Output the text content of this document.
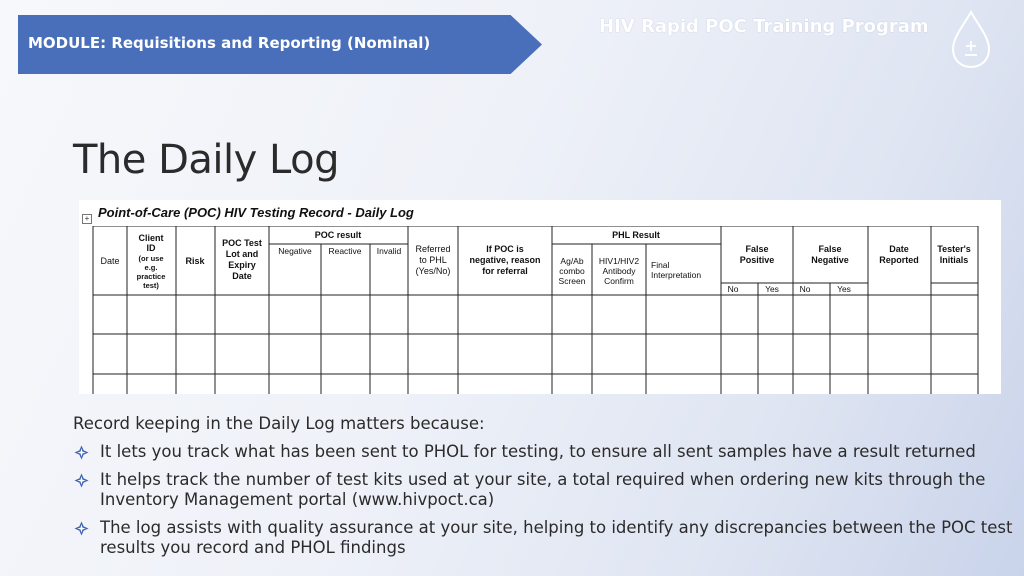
MODULE: Requisitions and Reporting (Nominal)
HIV Rapid POC Training Program
The Daily Log
+ Point-of-Care (POC) HIV Testing Record - Daily Log
Date
Client
ID
(or use
e.g.
practice
test)
Risk
POC Test
Lot and
Expiry
Date
POC result
Negative Reactive Invalid Referred
to PHL
(Yes/No)
If POC is
negative, reason
for referral
PHL Result
Ag/Ab
combo
Screen
HIV1/HIV2
Antibody
Confirm
Final
Interpretation
False
Positive
False
Negative
No	Yes No	Yes
Date
Reported
Tester's
Initials

Record keeping in the Daily Log matters because:

It lets you track what has been sent to PHOL for testing, to ensure all sent samples have a result returned
It helps track the number of test kits used at your site, a total required when ordering new kits through the Inventory Management portal (www.hivpoct.ca)
The log assists with quality assurance at your site, helping to identify any discrepancies between the POC test results you record and PHOL findings
